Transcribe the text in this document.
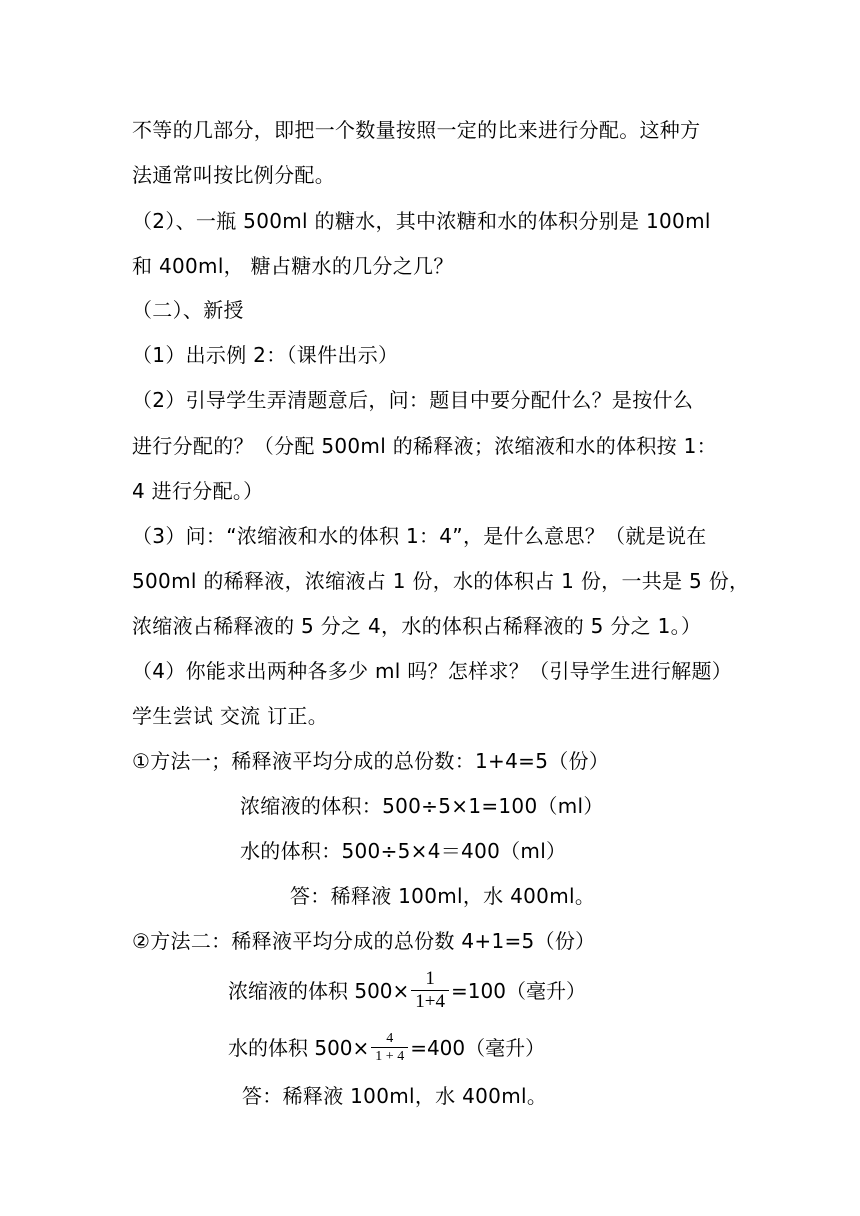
不等的几部分，即把一个数量按照一定的比来进行分配。这种方
法通常叫按比例分配。
（2）、一瓶 500ml 的糖水，其中浓糖和水的体积分别是 100ml
和 400ml， 糖占糖水的几分之几？
（二）、新授
（1）出示例 2：（课件出示）
（2）引导学生弄清题意后，问：题目中要分配什么？是按什么
进行分配的？（分配 500ml 的稀释液；浓缩液和水的体积按 1：
4 进行分配。）
（3）问：“浓缩液和水的体积 1：4”，是什么意思？（就是说在
500ml 的稀释液，浓缩液占 1 份，水的体积占 1 份，一共是 5 份，
浓缩液占稀释液的 5 分之 4，水的体积占稀释液的 5 分之 1。）
（4）你能求出两种各多少 ml 吗？怎样求？（引导学生进行解题）
学生尝试 交流 订正。
①方法一；稀释液平均分成的总份数：1+4=5（份）
浓缩液的体积：500÷5×1=100（ml）
水的体积：500÷5×4＝400（ml）
答：稀释液 100ml，水 400ml。
②方法二：稀释液平均分成的总份数 4+1=5（份）
浓缩液的体积 $500\times \frac{1}{1+4} =100$（毫升）
水的体积 $500\times \frac{4}{1 + 4} =400$（毫升）
答：稀释液 100ml，水 400ml。
